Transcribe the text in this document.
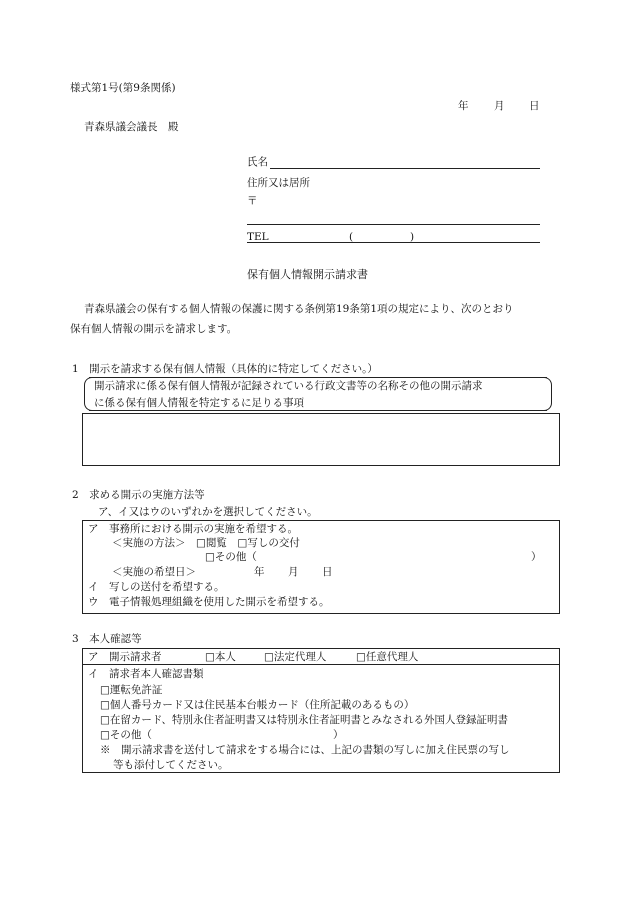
様式第1号(第9条関係)
年 月 日
青森県議会議長　殿
氏名
住所又は居所
〒
TEL	(	)
保有個人情報開示請求書
青森県議会の保有する個人情報の保護に関する条例第19条第1項の規定により、次のとおり
保有個人情報の開示を請求します。
1　開示を請求する保有個人情報（具体的に特定してください。）
開示請求に係る保有個人情報が記録されている行政文書等の名称その他の開示請求
に係る保有個人情報を特定するに足りる事項
2　求める開示の実施方法等
ア、イ又はウのいずれかを選択してください。
ア　事務所における開示の実施を希望する。
＜実施の方法＞　□閲覧　□写しの交付
□その他（	）
＜実施の希望日＞	年 月 日
イ　写しの送付を希望する。
ウ　電子情報処理組織を使用した開示を希望する。
3　本人確認等
ア　開示請求者	□本人	□法定代理人	□任意代理人
イ　請求者本人確認書類
□運転免許証
□個人番号カード又は住民基本台帳カード（住所記載のあるもの）
□在留カード、特別永住者証明書又は特別永住者証明書とみなされる外国人登録証明書
□その他（	）
※　開示請求書を送付して請求をする場合には、上記の書類の写しに加え住民票の写し
等も添付してください。
